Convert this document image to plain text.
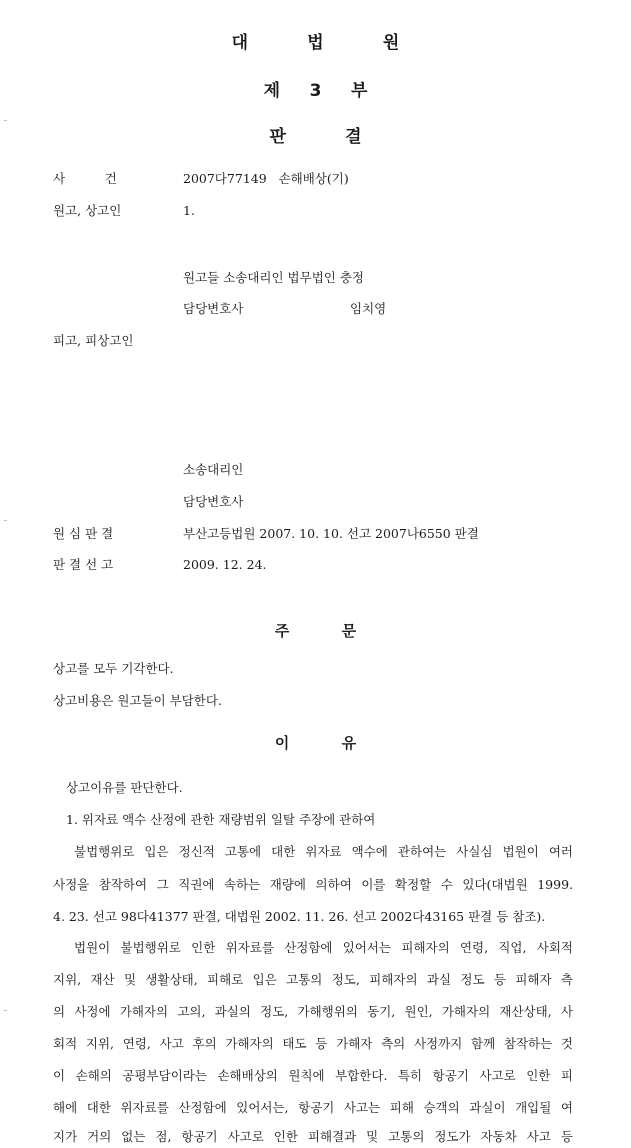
대          법          원
제     3     부
판          결
사          건	2007다77149   손해배상(기)
원고, 상고인	1.
원고들 소송대리인 법무법인 충정
담당변호사	임치영
피고, 피상고인
소송대리인
담당변호사
원 심 판 결	부산고등법원 2007. 10. 10. 선고 2007나6550 판결
판 결 선 고	2009. 12. 24.
주          문
상고를 모두 기각한다.
상고비용은 원고들이 부담한다.
이          유
상고이유를 판단한다.
1. 위자료 액수 산정에 관한 재량범위 일탈 주장에 관하여
불법행위로 입은 정신적 고통에 대한 위자료 액수에 관하여는 사실심 법원이 여러
사정을 참작하여 그 직권에 속하는 재량에 의하여 이를 확정할 수 있다(대법원 1999.
4. 23. 선고 98다41377 판결, 대법원 2002. 11. 26. 선고 2002다43165 판결 등 참조).
법원이 불법행위로 인한 위자료를 산정함에 있어서는 피해자의 연령, 직업, 사회적
지위, 재산 및 생활상태, 피해로 입은 고통의 정도, 피해자의 과실 정도 등 피해자 측
의 사정에 가해자의 고의, 과실의 정도, 가해행위의 동기, 원인, 가해자의 재산상태, 사
회적 지위, 연령, 사고 후의 가해자의 태도 등 가해자 측의 사정까지 함께 참작하는 것
이 손해의 공평부담이라는 손해배상의 원칙에 부합한다. 특히 항공기 사고로 인한 피
해에 대한 위자료를 산정함에 있어서는, 항공기 사고는 피해 승객의 과실이 개입될 여
지가 거의 없는 점, 항공기 사고로 인한 피해결과 및 고통의 정도가 자동차 사고 등
